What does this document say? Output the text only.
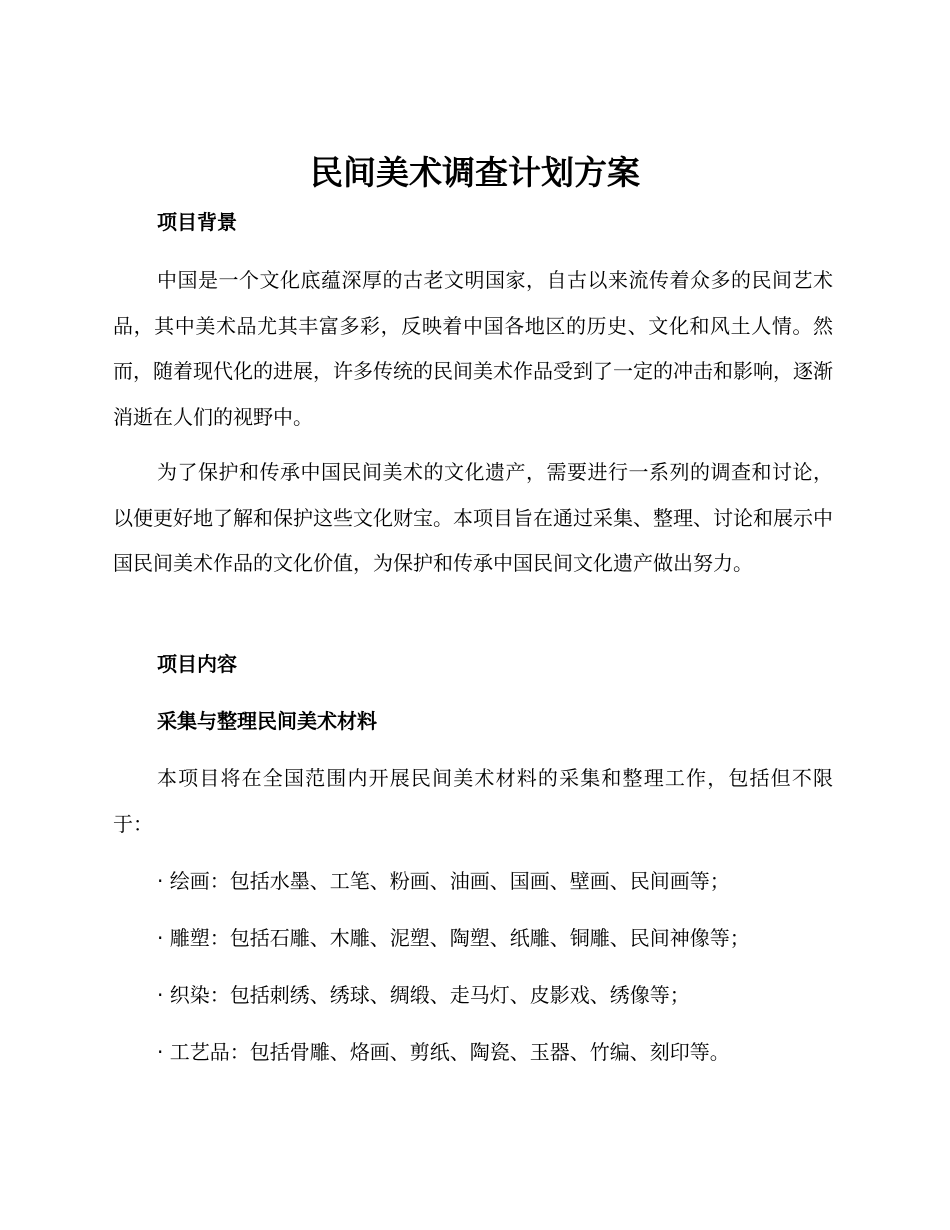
民间美术调查计划方案
项目背景

中国是一个文化底蕴深厚的古老文明国家，自古以来流传着众多的民间艺术品，其中美术品尤其丰富多彩，反映着中国各地区的历史、文化和风土人情。然而，随着现代化的进展，许多传统的民间美术作品受到了一定的冲击和影响，逐渐消逝在人们的视野中。

为了保护和传承中国民间美术的文化遗产，需要进行一系列的调查和讨论，以便更好地了解和保护这些文化财宝。本项目旨在通过采集、整理、讨论和展示中国民间美术作品的文化价值，为保护和传承中国民间文化遗产做出努力。

项目内容
采集与整理民间美术材料

本项目将在全国范围内开展民间美术材料的采集和整理工作，包括但不限于：

· 绘画：包括水墨、工笔、粉画、油画、国画、壁画、民间画等；
· 雕塑：包括石雕、木雕、泥塑、陶塑、纸雕、铜雕、民间神像等；
· 织染：包括刺绣、绣球、绸缎、走马灯、皮影戏、绣像等；
· 工艺品：包括骨雕、烙画、剪纸、陶瓷、玉器、竹编、刻印等。
